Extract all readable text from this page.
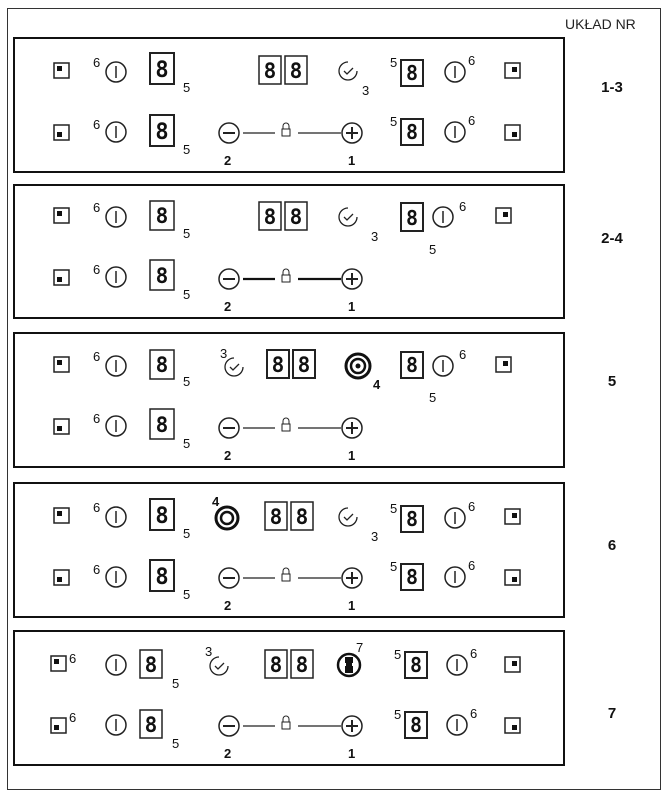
UKŁAD NR
6	8
5
8 8
3
5 8
6
6	8
5
2	1
5 8	6
1-3
6	8
5
8 8
3
8
5
6
6	8
5
2	1
2-4
6	8
5
3 8 8
4
8
5
6
6	8
5
2	1
5
6	8
5
4
8 8
3
5 8
6
6	8
5
2	1
5 8	6
6
6	8
5
3
8 8
7 5 8	6
6	8
5
2	1
5 8	6	7
